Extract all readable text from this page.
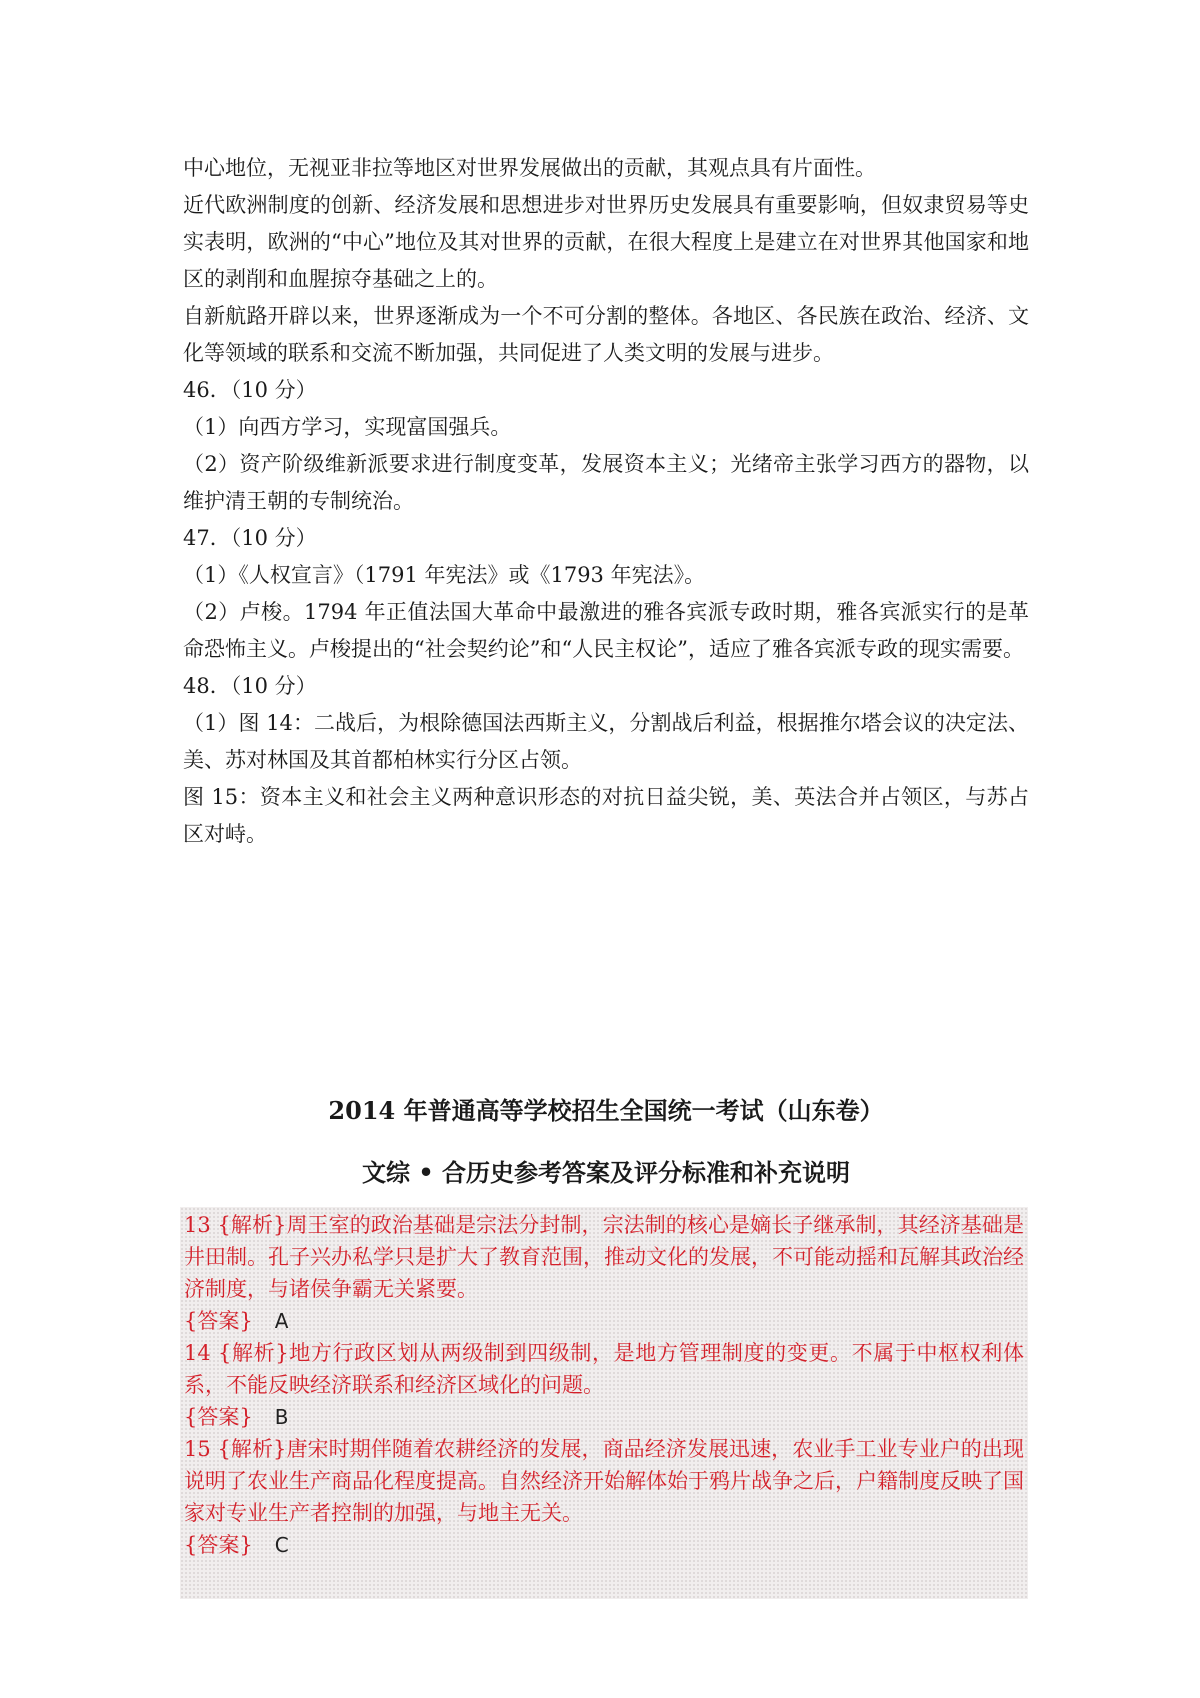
中心地位，无视亚非拉等地区对世界发展做出的贡献，其观点具有片面性。

近代欧洲制度的创新、经济发展和思想进步对世界历史发展具有重要影响，但奴隶贸易等史实表明，欧洲的“中心”地位及其对世界的贡献，在很大程度上是建立在对世界其他国家和地区的剥削和血腥掠夺基础之上的。

自新航路开辟以来，世界逐渐成为一个不可分割的整体。各地区、各民族在政治、经济、文化等领域的联系和交流不断加强，共同促进了人类文明的发展与进步。

46．（10 分）

（1）向西方学习，实现富国强兵。

（2）资产阶级维新派要求进行制度变革，发展资本主义；光绪帝主张学习西方的器物，以维护清王朝的专制统治。

47．（10 分）

（1）《人权宣言》（1791 年宪法》或《1793 年宪法》。

（2）卢梭。1794 年正值法国大革命中最激进的雅各宾派专政时期，雅各宾派实行的是革命恐怖主义。卢梭提出的“社会契约论”和“人民主权论”，适应了雅各宾派专政的现实需要。

48．（10 分）

（1）图 14：二战后，为根除德国法西斯主义，分割战后利益，根据推尔塔会议的决定法、美、苏对林国及其首都柏林实行分区占领。

图 15：资本主义和社会主义两种意识形态的对抗日益尖锐，美、英法合并占领区，与苏占区对峙。

2014 年普通高等学校招生全国统一考试（山东卷）

文综 • 合历史参考答案及评分标准和补充说明

13 {解析}周王室的政治基础是宗法分封制，宗法制的核心是嫡长子继承制，其经济基础是井田制。孔子兴办私学只是扩大了教育范围，推动文化的发展，不可能动摇和瓦解其政治经济制度，与诸侯争霸无关紧要。

{答案} A

14 {解析}地方行政区划从两级制到四级制，是地方管理制度的变更。不属于中枢权利体系，不能反映经济联系和经济区域化的问题。

{答案} B

15 {解析}唐宋时期伴随着农耕经济的发展，商品经济发展迅速，农业手工业专业户的出现说明了农业生产商品化程度提高。自然经济开始解体始于鸦片战争之后，户籍制度反映了国家对专业生产者控制的加强，与地主无关。

{答案} C
